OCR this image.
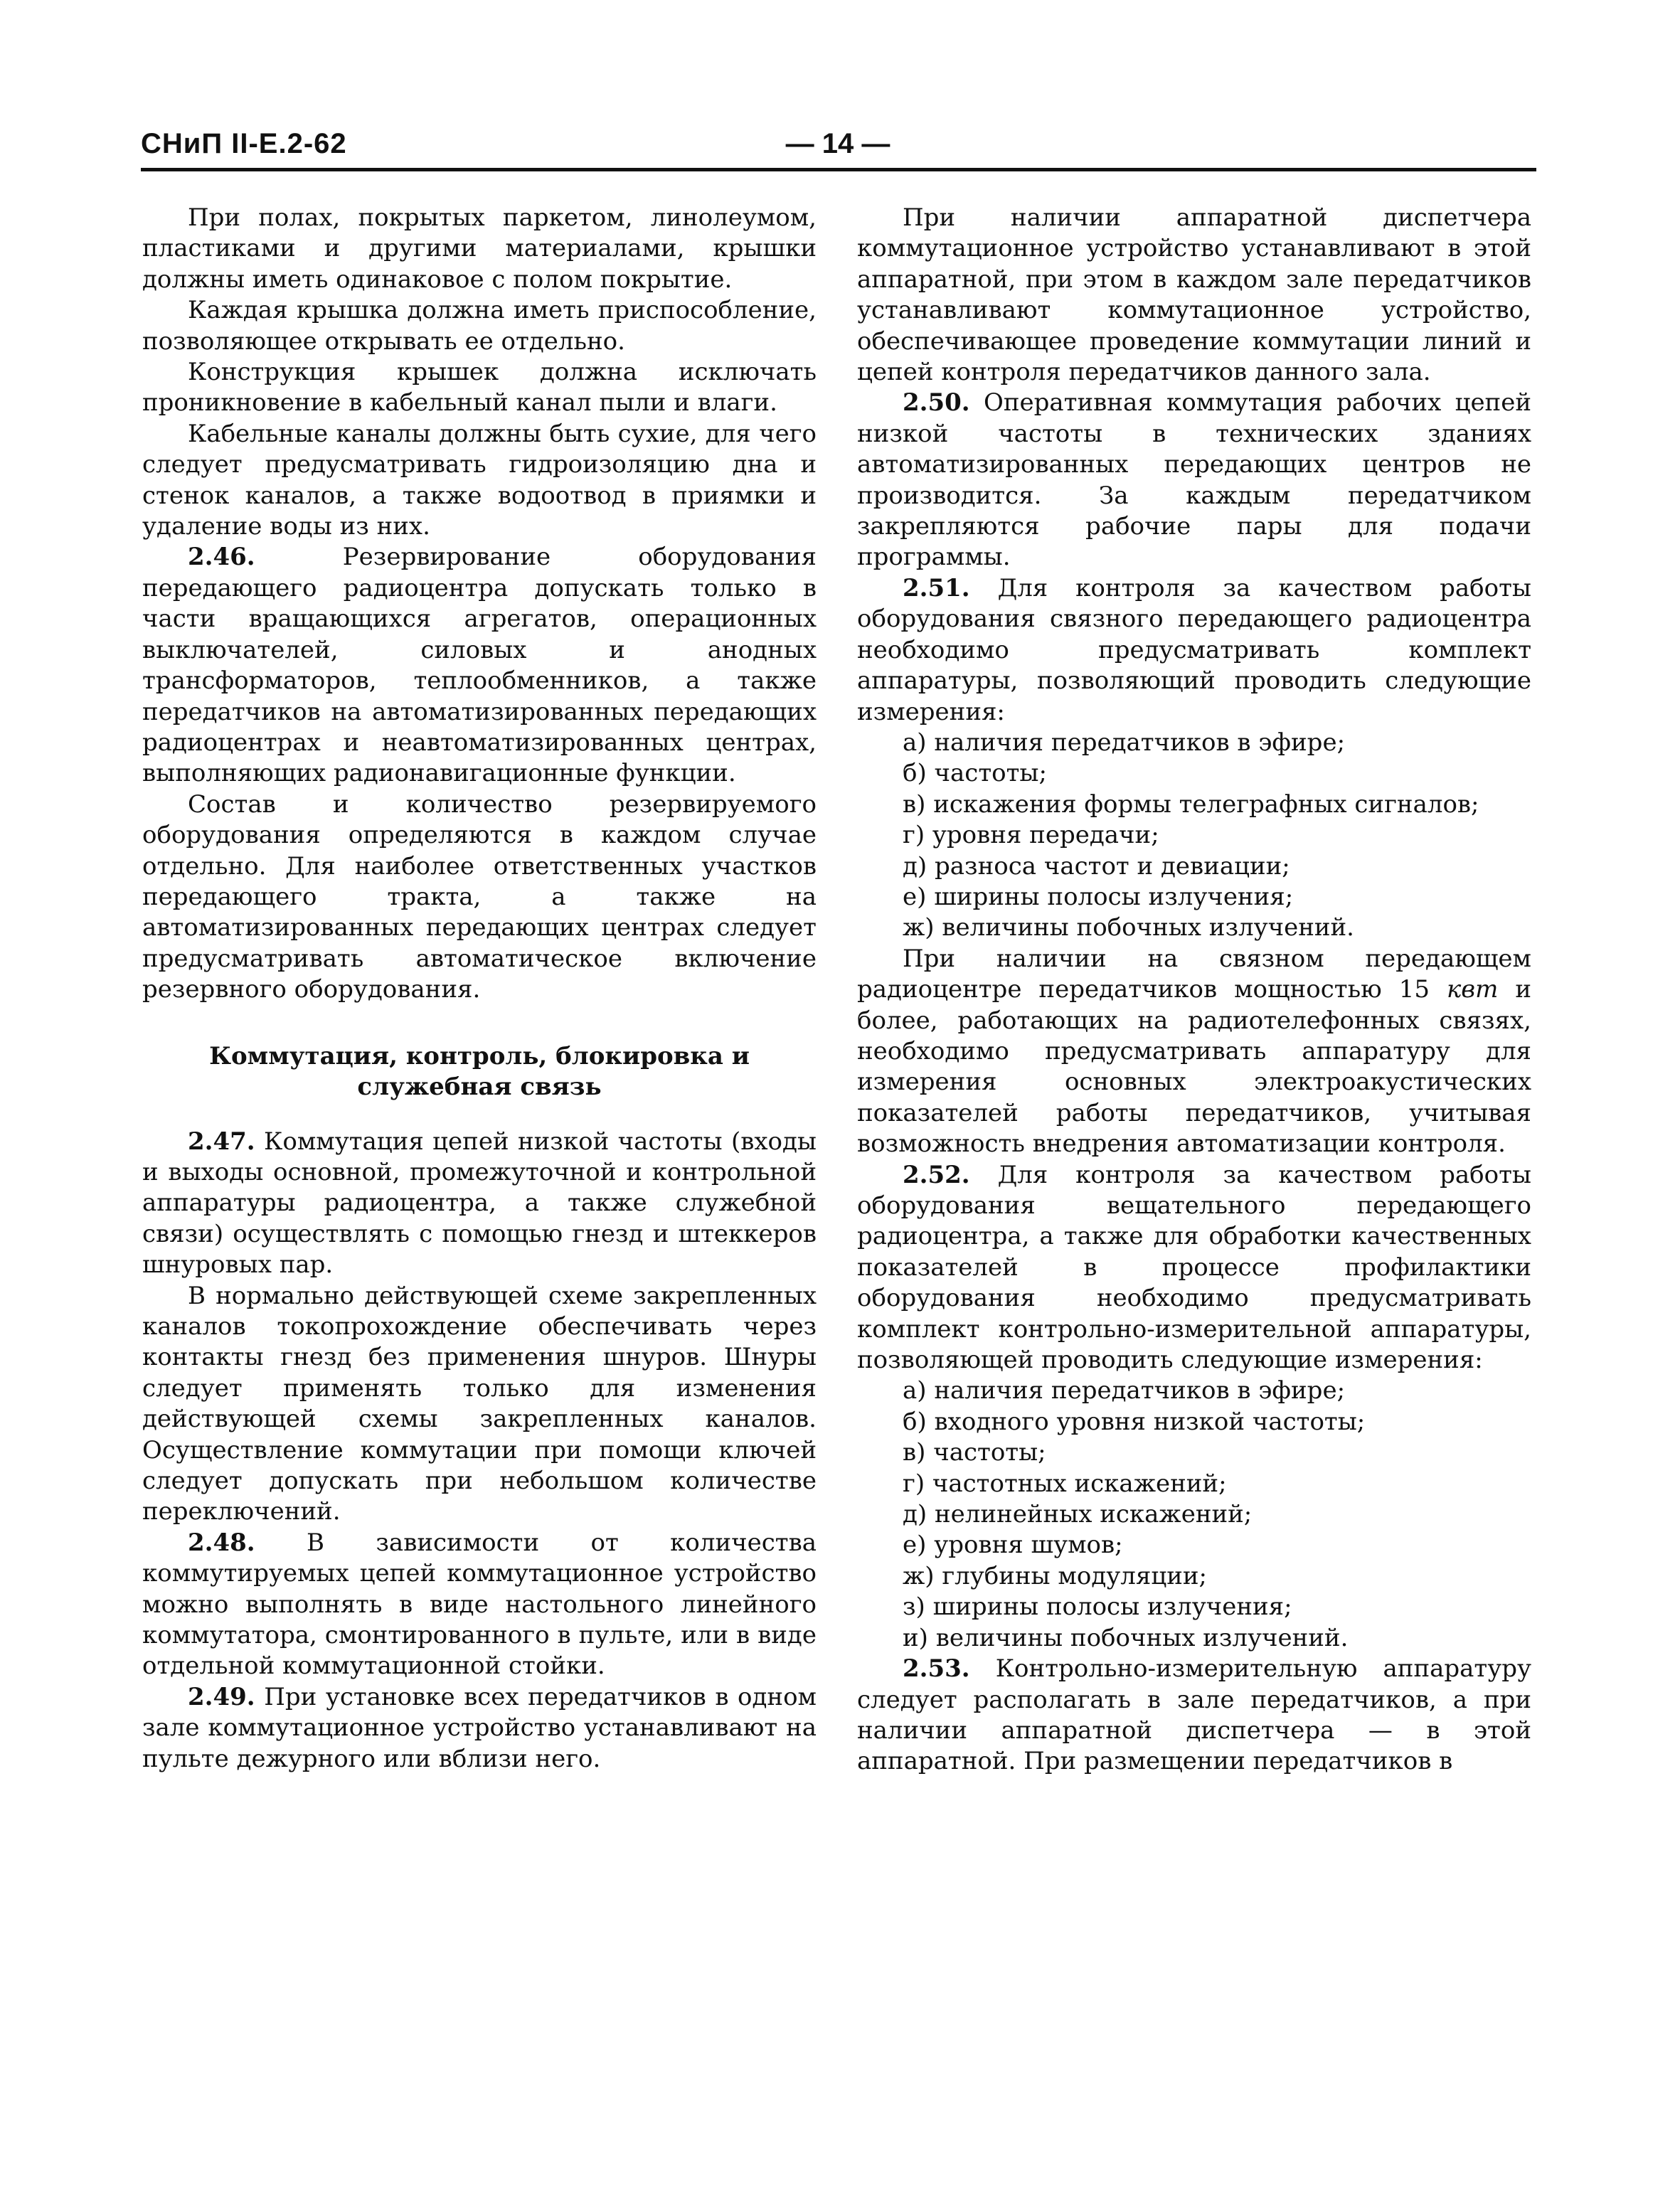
СНиП II-Е.2-62	— 14 —

При полах, покрытых паркетом, линолеумом, пластиками и другими материалами, крышки должны иметь одинаковое с полом покрытие.

Каждая крышка должна иметь приспособление, позволяющее открывать ее отдельно.

Конструкция крышек должна исключать проникновение в кабельный канал пыли и влаги.

Кабельные каналы должны быть сухие, для чего следует предусматривать гидроизоляцию дна и стенок каналов, а также водоотвод в приямки и удаление воды из них.

2.46.	Резервирование оборудования передающего радиоцентра допускать только в части вращающихся агрегатов, операционных выключателей, силовых и анодных трансформаторов, теплообменников, а также передатчиков на автоматизированных передающих радиоцентрах и неавтоматизированных центрах, выполняющих радионавигационные функции.

Состав и количество резервируемого оборудования определяются в каждом случае отдельно. Для наиболее ответственных участков передающего тракта, а также на автоматизированных передающих центрах следует предусматривать автоматическое включение резервного оборудования.

Коммутация, контроль, блокировка и
служебная связь

2.47. Коммутация цепей низкой частоты (входы и выходы основной, промежуточной и контрольной аппаратуры радиоцентра, а также служебной связи) осуществлять с помощью гнезд и штеккеров шнуровых пар.

В нормально действующей схеме закрепленных каналов токопрохождение обеспечивать через контакты гнезд без применения шнуров. Шнуры следует применять только для изменения действующей схемы закрепленных каналов. Осуществление коммутации при помощи ключей следует допускать при небольшом количестве переключений.

2.48. В зависимости от количества коммутируемых цепей коммутационное устройство можно выполнять в виде настольного линейного коммутатора, смонтированного в пульте, или в виде отдельной коммутационной стойки.

2.49. При установке всех передатчиков в одном зале коммутационное устройство устанавливают на пульте дежурного или вблизи него.

При наличии аппаратной диспетчера коммутационное устройство устанавливают в этой аппаратной, при этом в каждом зале передатчиков устанавливают коммутационное устройство, обеспечивающее проведение коммутации линий и цепей контроля передатчиков данного зала.

2.50. Оперативная коммутация рабочих цепей низкой частоты в технических зданиях автоматизированных передающих центров не производится. За каждым передатчиком закрепляются рабочие пары для подачи программы.

2.51. Для контроля за качеством работы оборудования связного передающего радиоцентра необходимо предусматривать комплект аппаратуры, позволяющий проводить следующие измерения:

а) наличия передатчиков в эфире;

б) частоты;

в) искажения формы телеграфных сигналов;

г) уровня передачи;

д) разноса частот и девиации;

е) ширины полосы излучения;

ж) величины побочных излучений.

При наличии на связном передающем радиоцентре передатчиков мощностью 15 квт и более, работающих на радиотелефонных связях, необходимо предусматривать аппаратуру для измерения основных электроакустических показателей работы передатчиков, учитывая возможность внедрения автоматизации контроля.

2.52. Для контроля за качеством работы оборудования вещательного передающего радиоцентра, а также для обработки качественных показателей в процессе профилактики оборудования необходимо предусматривать комплект контрольно-измерительной аппаратуры, позволяющей проводить следующие измерения:

а) наличия передатчиков в эфире;

б) входного уровня низкой частоты;

в) частоты;

г) частотных искажений;

д) нелинейных искажений;

е) уровня шумов;

ж) глубины модуляции;

з) ширины полосы излучения;

и) величины побочных излучений.

2.53. Контрольно-измерительную аппаратуру следует располагать в зале передатчиков, а при наличии аппаратной диспетчера — в этой аппаратной. При размещении передатчиков в
